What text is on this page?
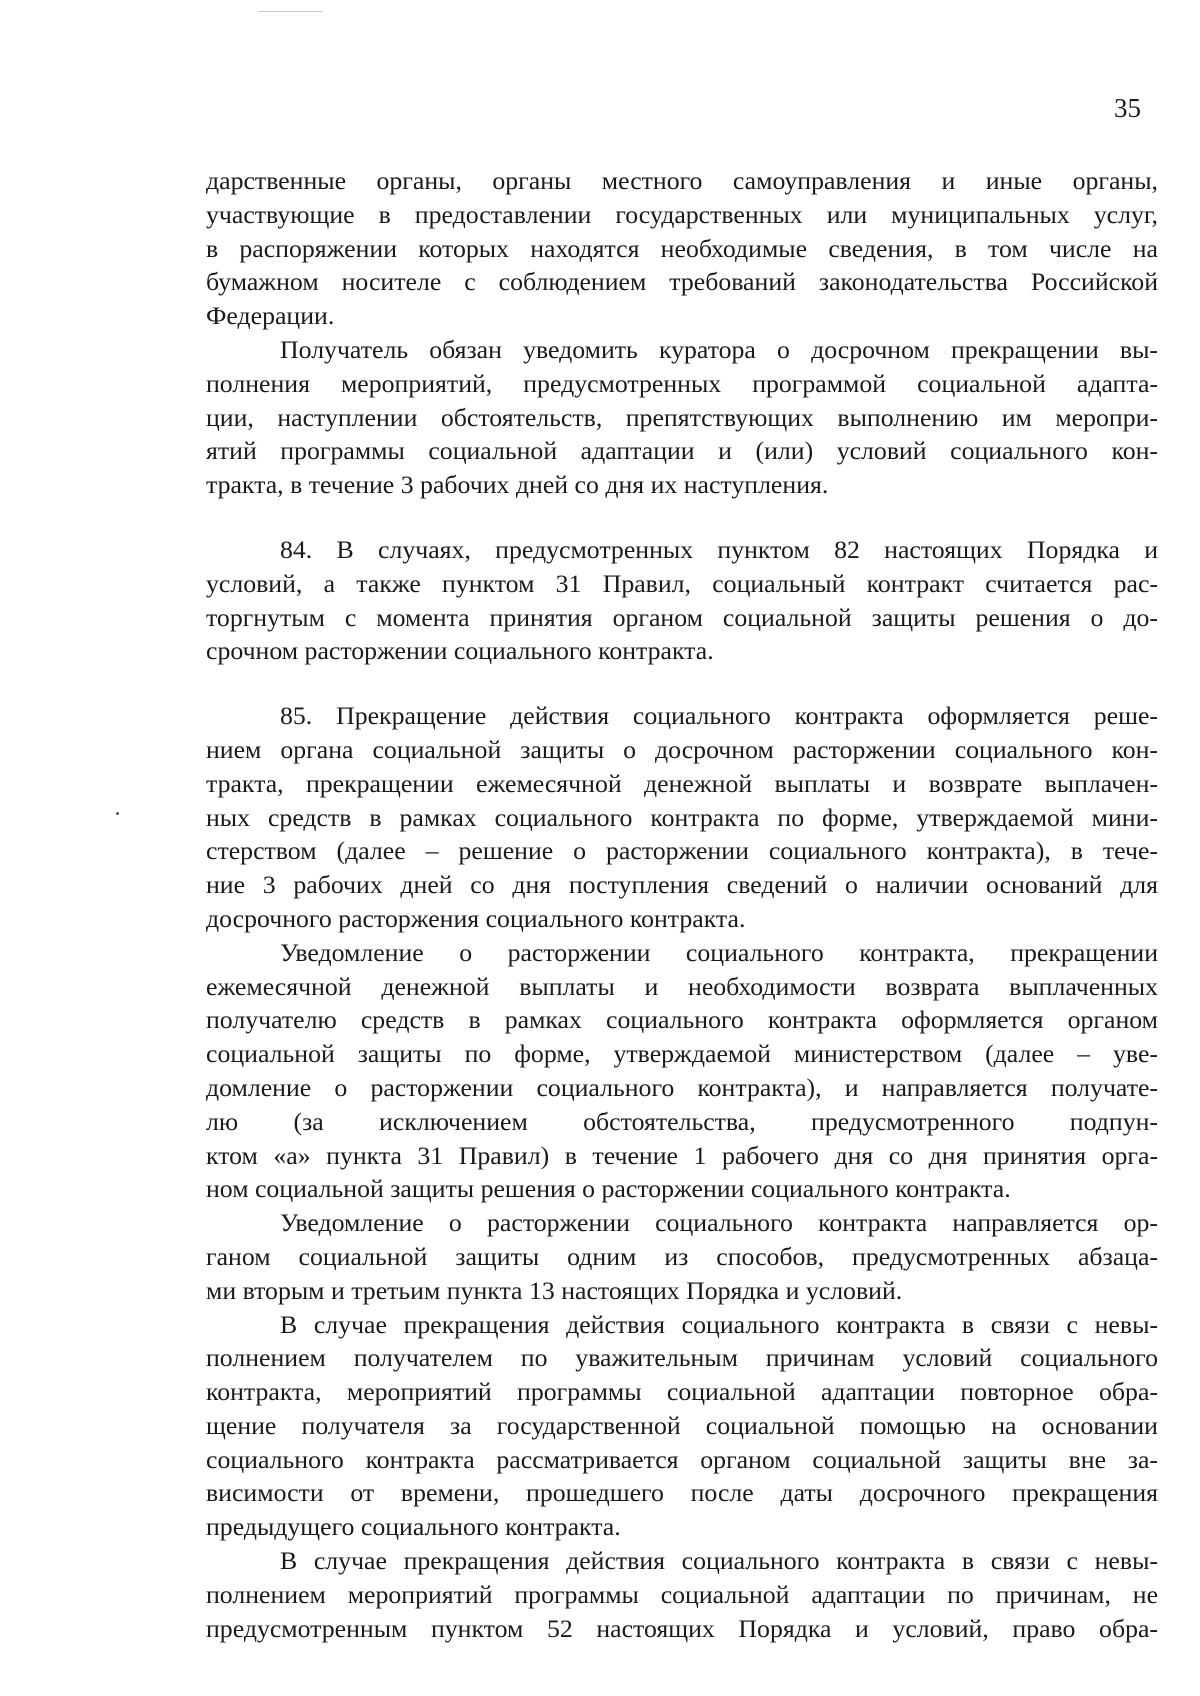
35
дарственные органы, органы местного самоуправления и иные органы,
участвующие в предоставлении государственных или муниципальных услуг,
в распоряжении которых находятся необходимые сведения, в том числе на
бумажном носителе с соблюдением требований законодательства Российской
Федерации.
Получатель обязан уведомить куратора о досрочном прекращении вы-
полнения мероприятий, предусмотренных программой социальной адапта-
ции, наступлении обстоятельств, препятствующих выполнению им меропри-
ятий программы социальной адаптации и (или) условий социального кон-
тракта, в течение 3 рабочих дней со дня их наступления.
84. В случаях, предусмотренных пунктом 82 настоящих Порядка и
условий, а также пунктом 31 Правил, социальный контракт считается рас-
торгнутым с момента принятия органом социальной защиты решения о до-
срочном расторжении социального контракта.
85. Прекращение действия социального контракта оформляется реше-
нием органа социальной защиты о досрочном расторжении социального кон-
тракта, прекращении ежемесячной денежной выплаты и возврате выплачен-
ных средств в рамках социального контракта по форме, утверждаемой мини-
стерством (далее – решение о расторжении социального контракта), в тече-
ние 3 рабочих дней со дня поступления сведений о наличии оснований для
досрочного расторжения социального контракта.
Уведомление о расторжении социального контракта, прекращении
ежемесячной денежной выплаты и необходимости возврата выплаченных
получателю средств в рамках социального контракта оформляется органом
социальной защиты по форме, утверждаемой министерством (далее – уве-
домление о расторжении социального контракта), и направляется получате-
лю (за исключением обстоятельства, предусмотренного подпун-
ктом «а» пункта 31 Правил) в течение 1 рабочего дня со дня принятия орга-
ном социальной защиты решения о расторжении социального контракта.
Уведомление о расторжении социального контракта направляется ор-
ганом социальной защиты одним из способов, предусмотренных абзаца-
ми вторым и третьим пункта 13 настоящих Порядка и условий.
В случае прекращения действия социального контракта в связи с невы-
полнением получателем по уважительным причинам условий социального
контракта, мероприятий программы социальной адаптации повторное обра-
щение получателя за государственной социальной помощью на основании
социального контракта рассматривается органом социальной защиты вне за-
висимости от времени, прошедшего после даты досрочного прекращения
предыдущего социального контракта.
В случае прекращения действия социального контракта в связи с невы-
полнением мероприятий программы социальной адаптации по причинам, не
предусмотренным пунктом 52 настоящих Порядка и условий, право обра-
